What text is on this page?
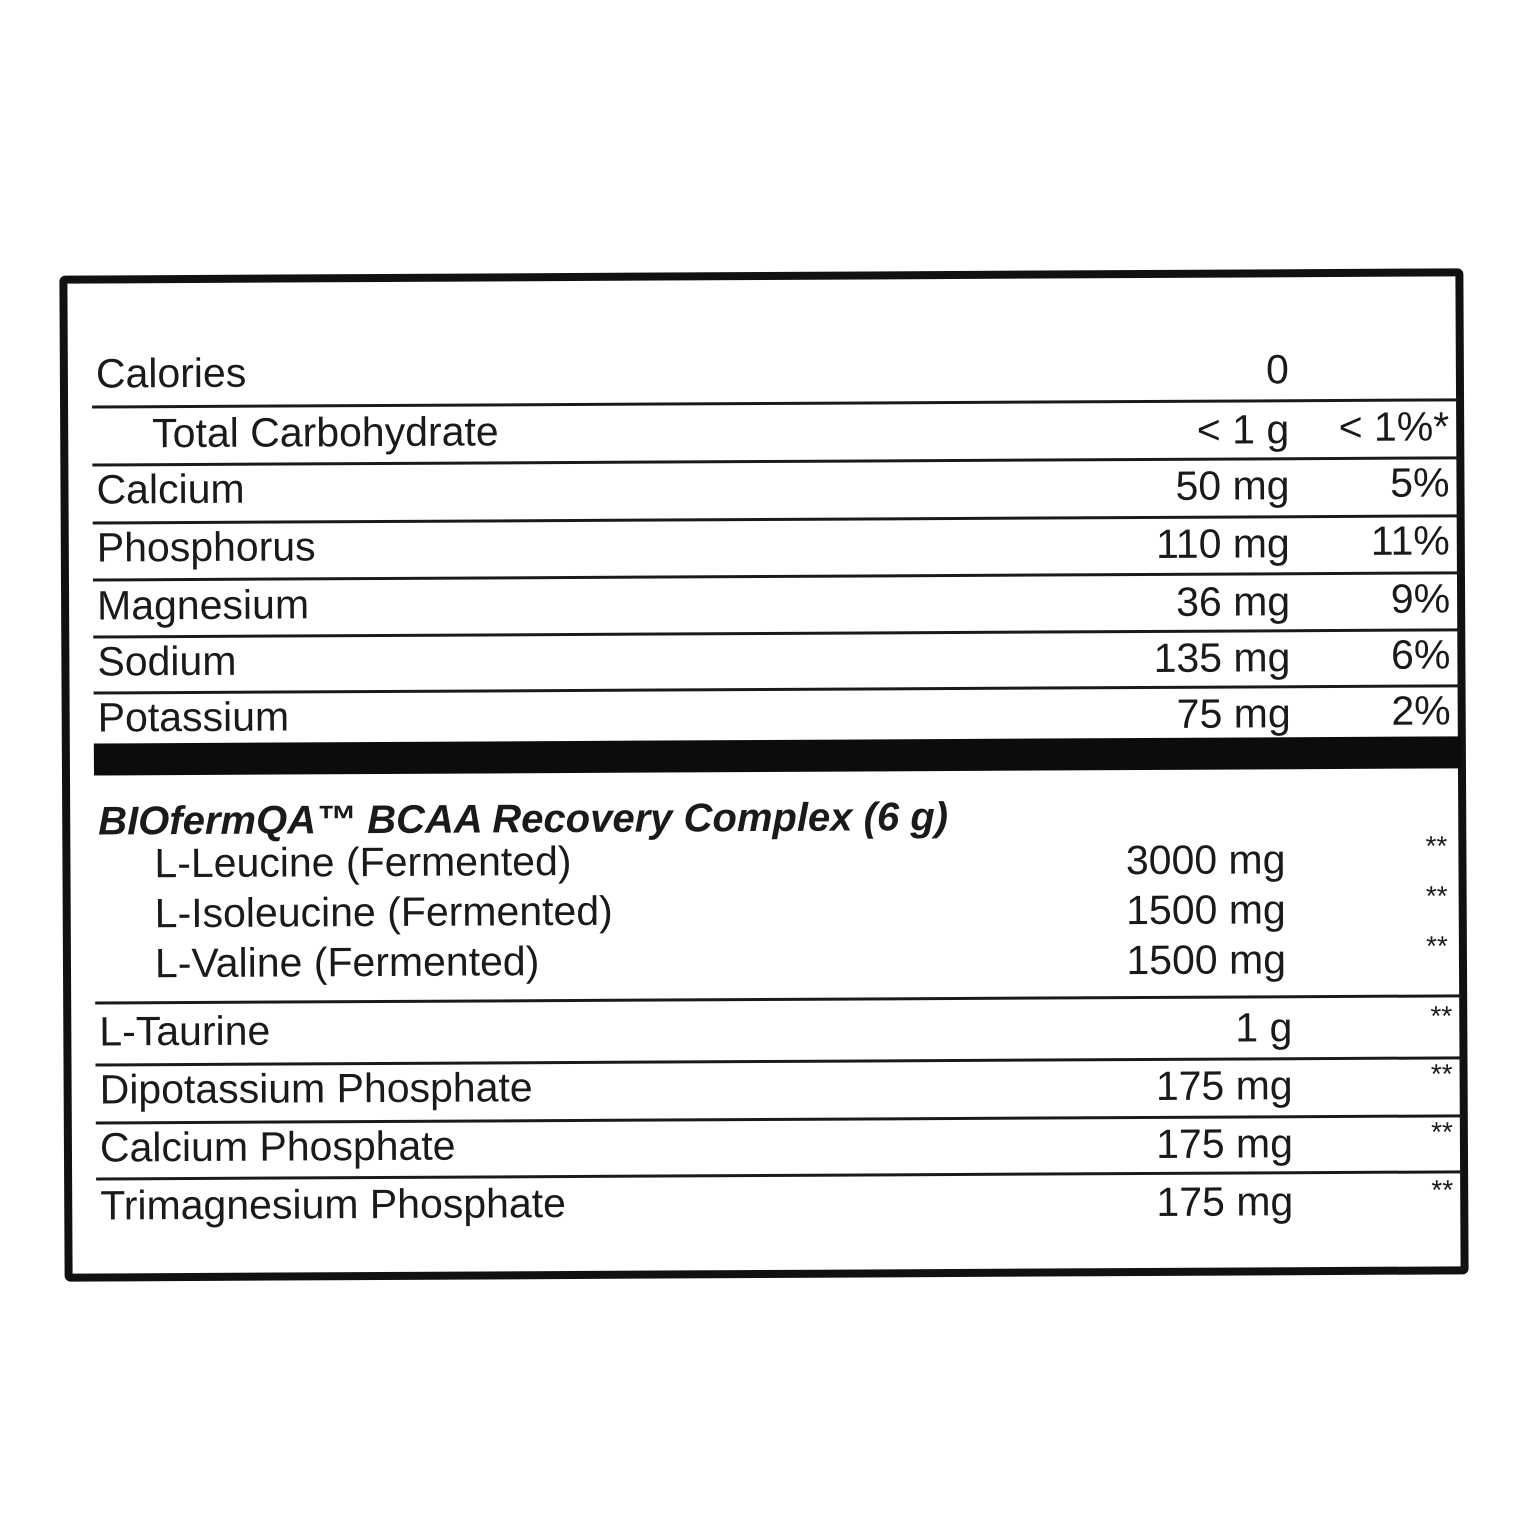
Calories	0
Total Carbohydrate	< 1 g < 1%*
Calcium	50 mg 5%
Phosphorus	110 mg 11%
Magnesium	36 mg 9%
Sodium	135 mg 6%
Potassium	75 mg 2%
BIOfermQA™ BCAA Recovery Complex (6 g)
L-Leucine (Fermented)	3000 mg	**
L-Isoleucine (Fermented)	1500 mg	**
L-Valine (Fermented)	1500 mg	**
L-Taurine	1 g	**
Dipotassium Phosphate	175 mg	**
Calcium Phosphate	175 mg	**
Trimagnesium Phosphate	175 mg	**
